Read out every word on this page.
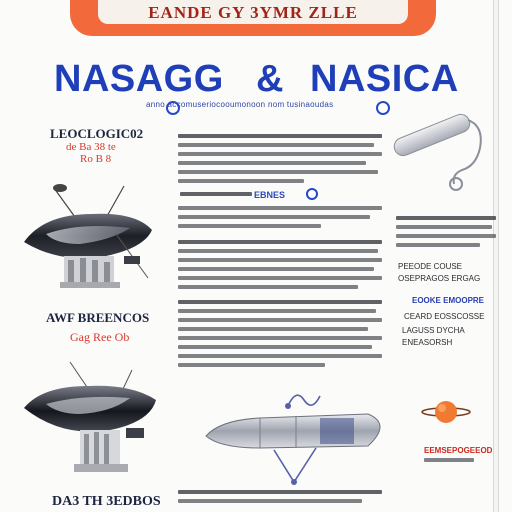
EANDE GY 3YMR ZLLE
NASAGG & NASICA
anno accomuseriocooumonoon nom tusinaoudas
LEOCLOGIC02
de Ba 38 te
Ro B 8
AWF BREENCOS
Gag Ree Ob
DA3 TH 3EDBOS
EBNES
PEEODE COUSE
OSEPRAGOS ERGAG
EOOKE EMOOPRE
CEARD EOSSCOSSE
LAGUSS DYCHA
ENEASORSH
EEMSEPOGEEOD
